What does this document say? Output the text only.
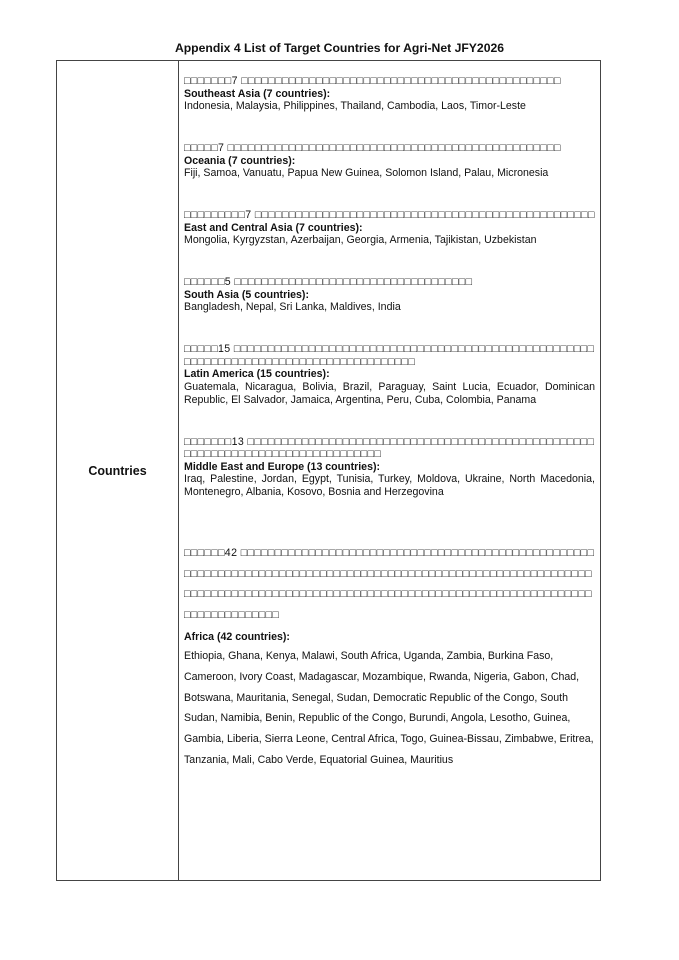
Appendix 4 List of Target Countries for Agri-Net JFY2026
Countries
□□□□□□□7 □□□□□□□□□□□□□□□□□□□□□□□□□□□□□□□□□□□□□□□□□□□□□□□
Southeast Asia (7 countries):
Indonesia, Malaysia, Philippines, Thailand, Cambodia, Laos, Timor-Leste
□□□□□7 □□□□□□□□□□□□□□□□□□□□□□□□□□□□□□□□□□□□□□□□□□□□□□□□□
Oceania (7 countries):
Fiji, Samoa, Vanuatu, Papua New Guinea, Solomon Island, Palau, Micronesia
□□□□□□□□□7 □□□□□□□□□□□□□□□□□□□□□□□□□□□□□□□□□□□□□□□□□□□□□□□□□□
East and Central Asia (7 countries):
Mongolia, Kyrgyzstan, Azerbaijan, Georgia, Armenia, Tajikistan, Uzbekistan
□□□□□□5 □□□□□□□□□□□□□□□□□□□□□□□□□□□□□□□□□□□
South Asia (5 countries):
Bangladesh, Nepal, Sri Lanka, Maldives, India
□□□□□15 □□□□□□□□□□□□□□□□□□□□□□□□□□□□□□□□□□□□□□□□□□□□□□□□□□□□□□□□□□□□□□□□□□□□□□□□□□□□□□□□□□□□□□□
Latin America (15 countries):
Guatemala, Nicaragua, Bolivia, Brazil, Paraguay, Saint Lucia, Ecuador, Dominican Republic, El Salvador, Jamaica, Argentina, Peru, Cuba, Colombia, Panama
□□□□□□□13 □□□□□□□□□□□□□□□□□□□□□□□□□□□□□□□□□□□□□□□□□□□□□□□□□□□□□□□□□□□□□□□□□□□□□□□□□□□□□□□□
Middle East and Europe (13 countries):
Iraq, Palestine, Jordan, Egypt, Tunisia, Turkey, Moldova, Ukraine, North Macedonia, Montenegro, Albania, Kosovo, Bosnia and Herzegovina
□□□□□□42 □□□□□□□□□□□□□□□□□□□□□□□□□□□□□□□□□□□□□□□□□□□□□□□□□□□□□□□□□□□□□□□□□□□□□□□□□□□□□□□□□□□□□□□□□□□□□□□□□□□□□□□□□□□□□□□□□□□□□□□□□□□□□□□□□□□□□□□□□□□□□□□□□□□□□□□□□□□□□□□□□□□□□□□□□□□□□□□□□□□□□□□□□□
Africa (42 countries):
Ethiopia, Ghana, Kenya, Malawi, South Africa, Uganda, Zambia, Burkina Faso, Cameroon, Ivory Coast, Madagascar, Mozambique, Rwanda, Nigeria, Gabon, Chad, Botswana, Mauritania, Senegal, Sudan, Democratic Republic of the Congo, South Sudan, Namibia, Benin, Republic of the Congo, Burundi, Angola, Lesotho, Guinea, Gambia, Liberia, Sierra Leone, Central Africa, Togo, Guinea-Bissau, Zimbabwe, Eritrea, Tanzania, Mali, Cabo Verde, Equatorial Guinea, Mauritius
